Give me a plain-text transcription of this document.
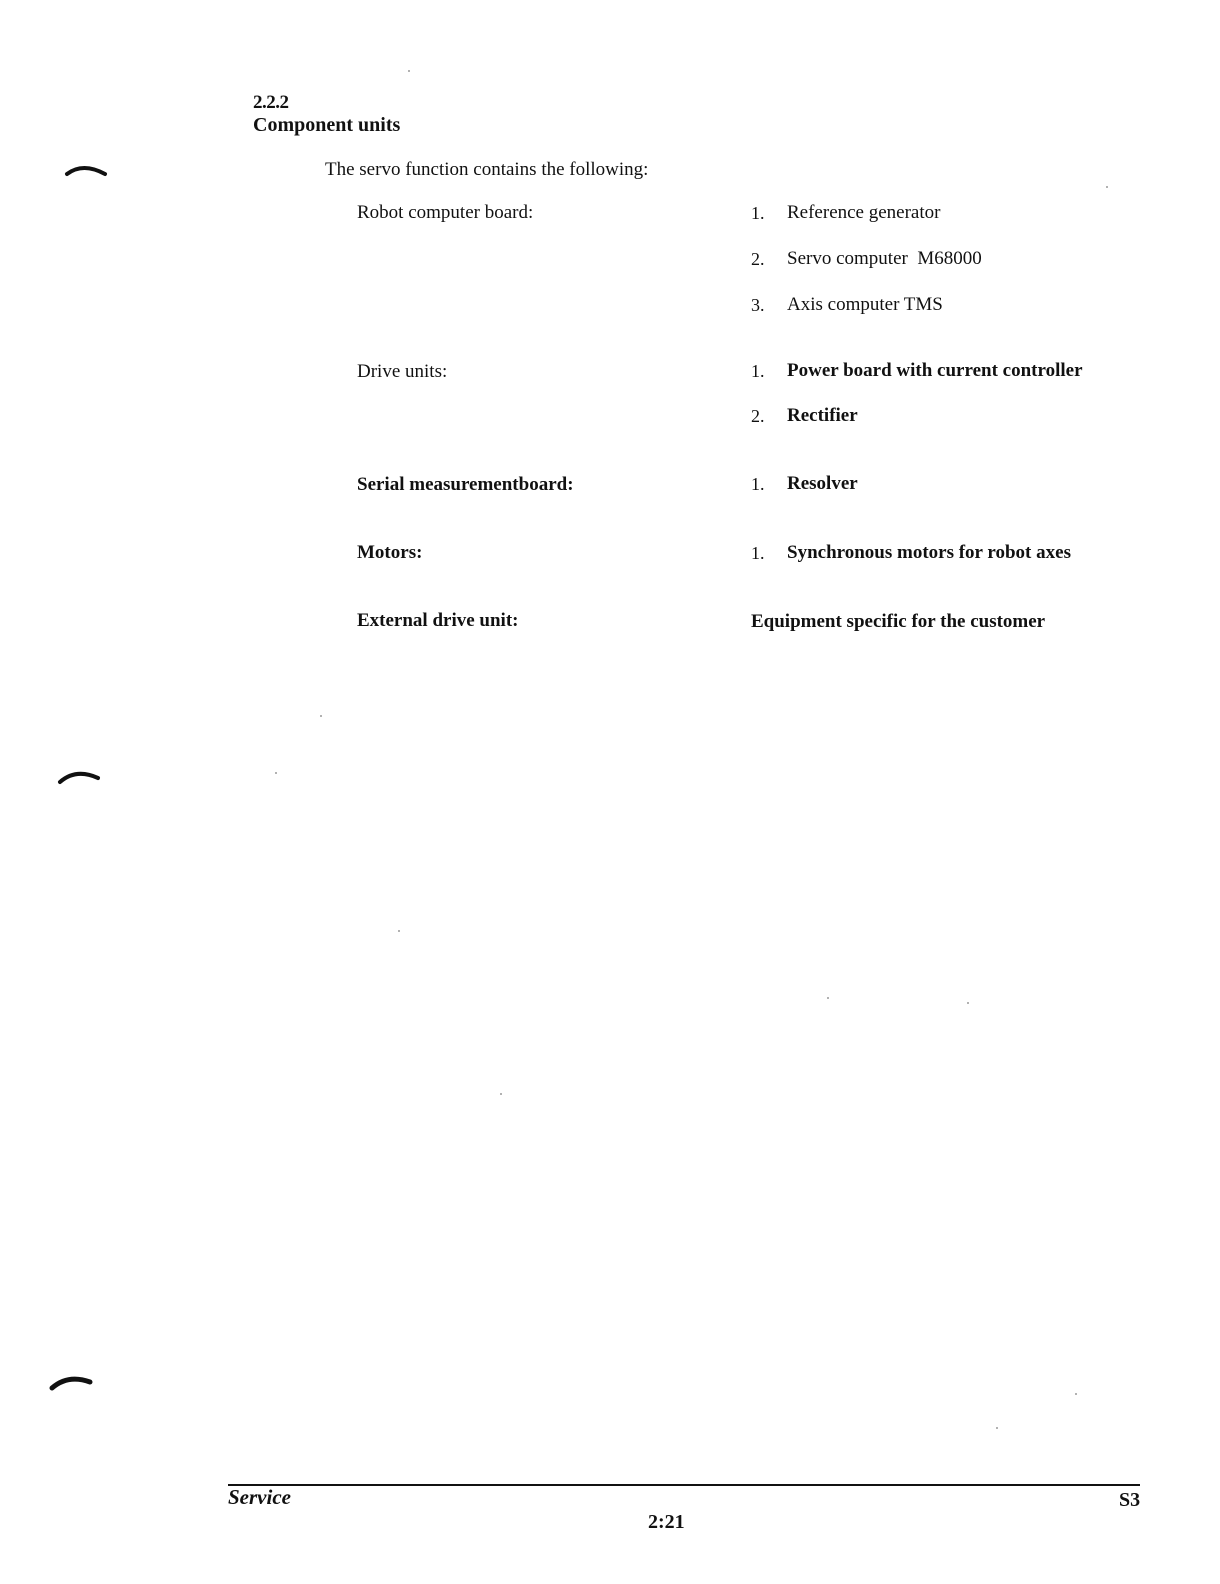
2.2.2
Component units
The servo function contains the following:
Robot computer board:	1. Reference generator
2. Servo computer  M68000
3. Axis computer TMS
Drive units:	1. Power board with current controller
2. Rectifier
Serial measurementboard:	1. Resolver
Motors:	1. Synchronous motors for robot axes
External drive unit:	Equipment specific for the customer
Service
2:21
S3
